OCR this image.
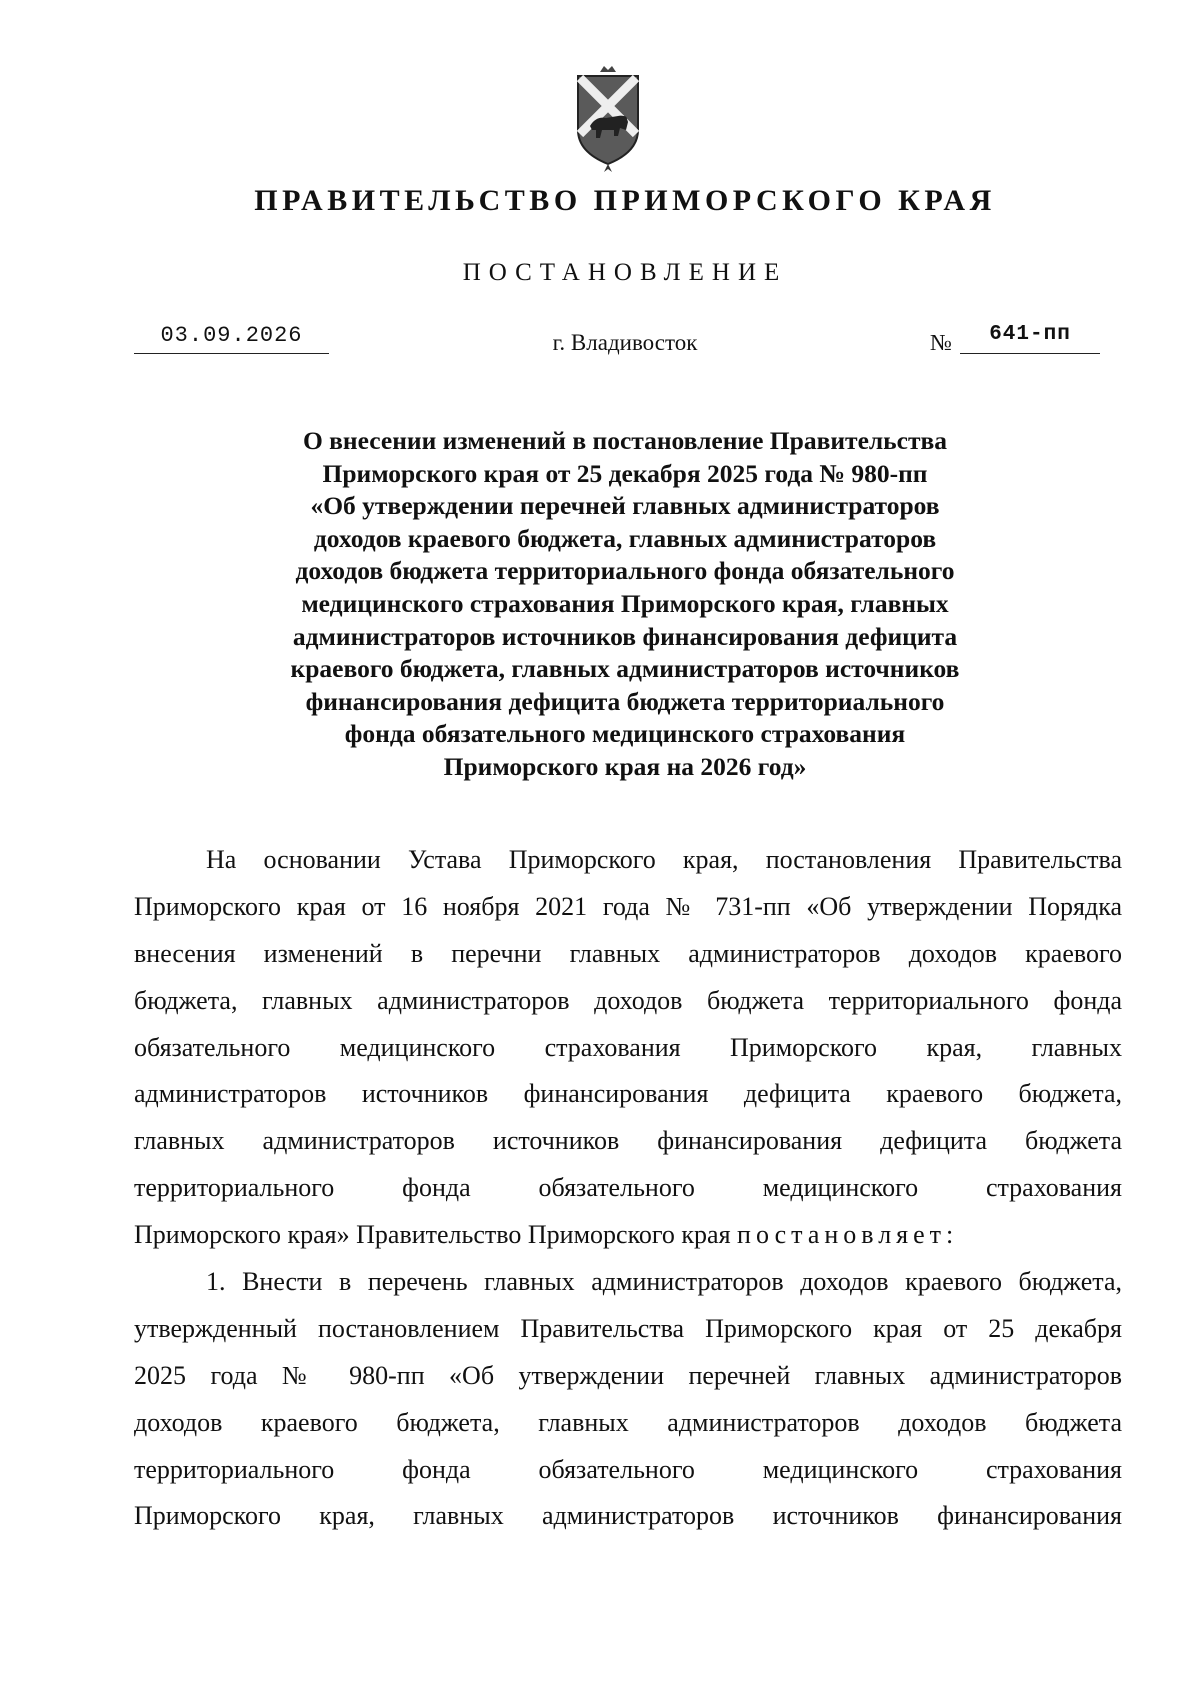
ПРАВИТЕЛЬСТВО ПРИМОРСКОГО КРАЯ
ПОСТАНОВЛЕНИЕ
03.09.2026	г. Владивосток	№	641-пп
О внесении изменений в постановление Правительства
Приморского края от 25 декабря 2025 года № 980-пп
«Об утверждении перечней главных администраторов
доходов краевого бюджета, главных администраторов
доходов бюджета территориального фонда обязательного
медицинского страхования Приморского края, главных
администраторов источников финансирования дефицита
краевого бюджета, главных администраторов источников
финансирования дефицита бюджета территориального
фонда обязательного медицинского страхования
Приморского края на 2026 год»
На основании Устава Приморского края, постановления Правительства
Приморского края от 16 ноября 2021 года № 731-пп «Об утверждении Порядка
внесения изменений в перечни главных администраторов доходов краевого
бюджета, главных администраторов доходов бюджета территориального фонда
обязательного медицинского страхования Приморского края, главных
администраторов источников финансирования дефицита краевого бюджета,
главных администраторов источников финансирования дефицита бюджета
территориального фонда обязательного медицинского страхования
Приморского края» Правительство Приморского края постановляет:
1. Внести в перечень главных администраторов доходов краевого бюджета,
утвержденный постановлением Правительства Приморского края от 25 декабря
2025 года № 980-пп «Об утверждении перечней главных администраторов
доходов краевого бюджета, главных администраторов доходов бюджета
территориального фонда обязательного медицинского страхования
Приморского края, главных администраторов источников финансирования
